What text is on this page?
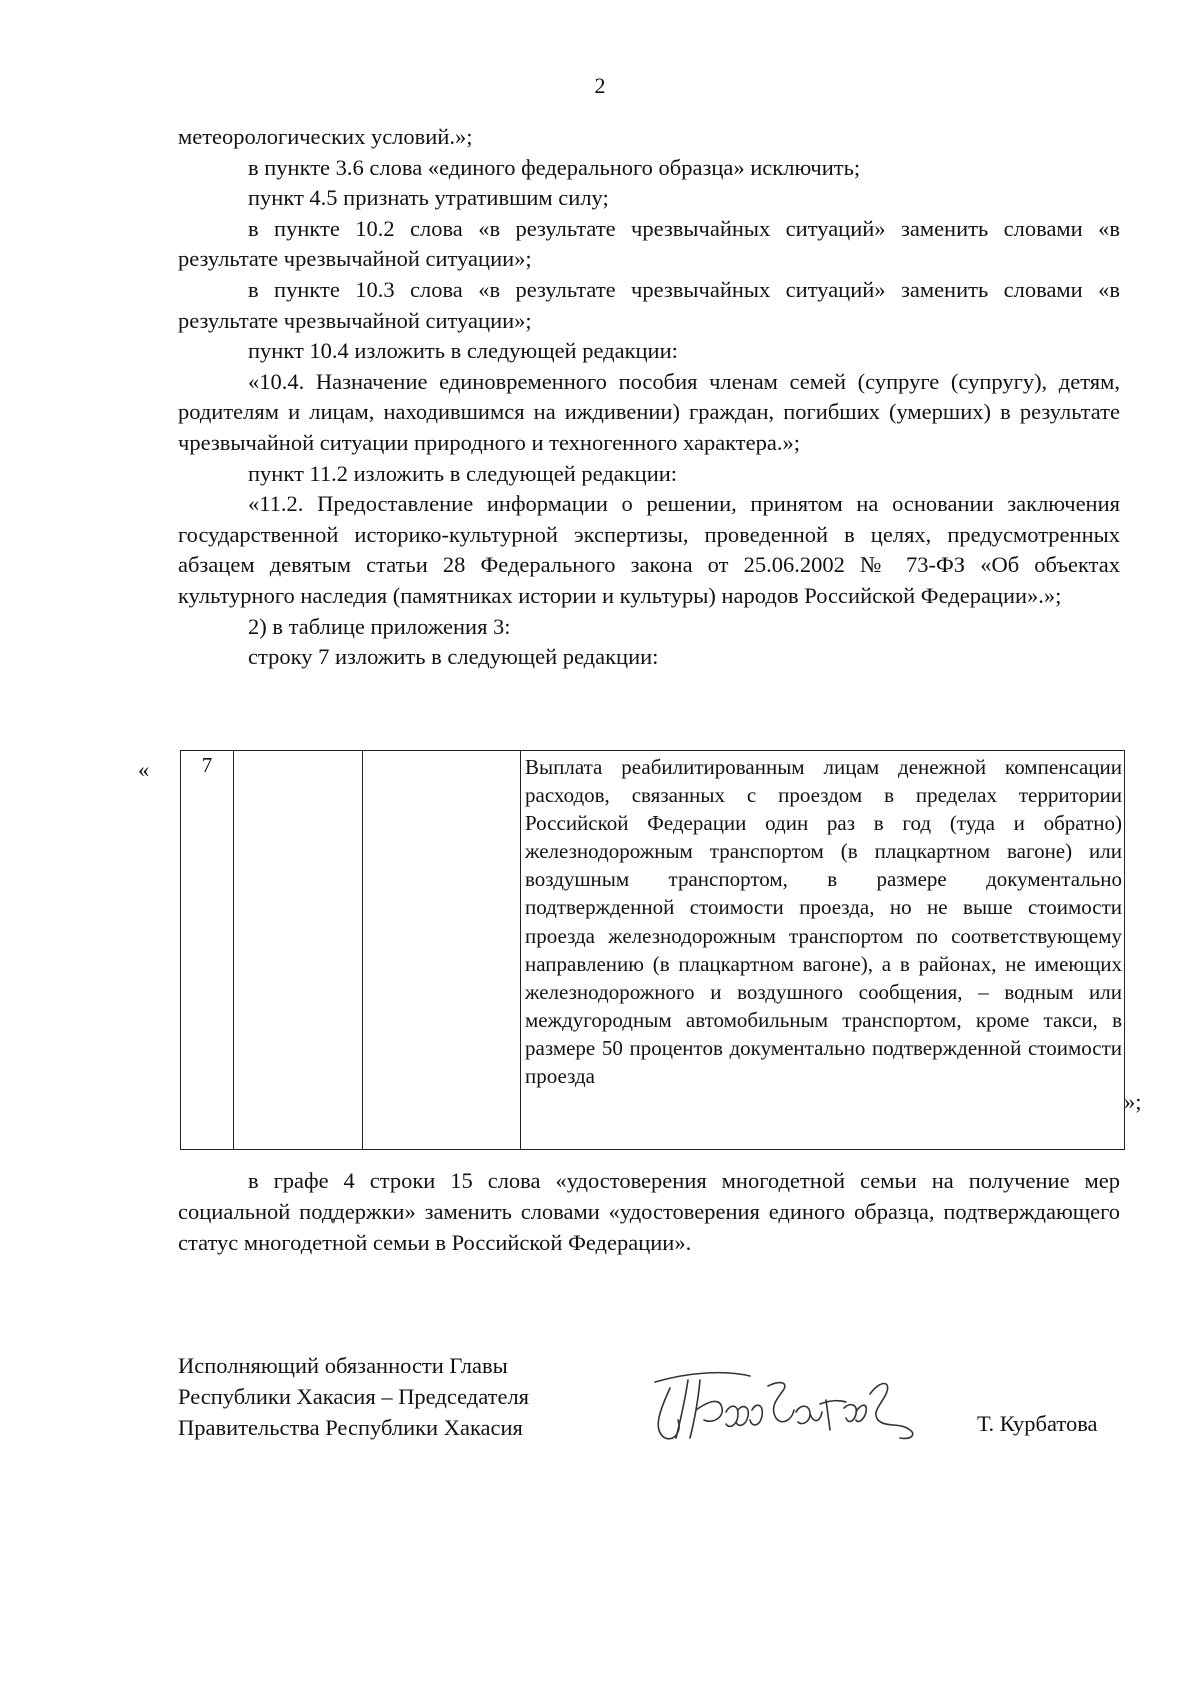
2

метеорологических условий.»;

в пункте 3.6 слова «единого федерального образца» исключить;

пункт 4.5 признать утратившим силу;

в пункте 10.2 слова «в результате чрезвычайных ситуаций» заменить словами «в результате чрезвычайной ситуации»;

в пункте 10.3 слова «в результате чрезвычайных ситуаций» заменить словами «в результате чрезвычайной ситуации»;

пункт 10.4 изложить в следующей редакции:

«10.4. Назначение единовременного пособия членам семей (супруге (супругу), детям, родителям и лицам, находившимся на иждивении) граждан, погибших (умерших) в результате чрезвычайной ситуации природного и техногенного характера.»;

пункт 11.2 изложить в следующей редакции:

«11.2. Предоставление информации о решении, принятом на основании заключения государственной историко-культурной экспертизы, проведенной в целях, предусмотренных абзацем девятым статьи 28 Федерального закона от 25.06.2002 № 73-ФЗ «Об объектах культурного наследия (памятниках истории и культуры) народов Российской Федерации».»;

2) в таблице приложения 3:

строку 7 изложить в следующей редакции:

«	7			Выплата реабилитированным лицам денежной компенсации расходов, связанных с проездом в пределах территории Российской Федерации один раз в год (туда и обратно) железнодорожным транспортом (в плацкартном вагоне) или воздушным транспортом, в размере документально подтвержденной стоимости проезда, но не выше стоимости проезда железнодорожным транспортом по соответствующему направлению (в плацкартном вагоне), а в районах, не имеющих железнодорожного и воздушного сообщения, – водным или междугородным автомобильным транспортом, кроме такси, в размере 50 процентов документально подтвержденной стоимости проезда
»;

в графе 4 строки 15 слова «удостоверения многодетной семьи на получение мер социальной поддержки» заменить словами «удостоверения единого образца, подтверждающего статус многодетной семьи в Российской Федерации».

Исполняющий обязанности Главы
Республики Хакасия – Председателя
Правительства Республики Хакасия	Т. Курбатова
